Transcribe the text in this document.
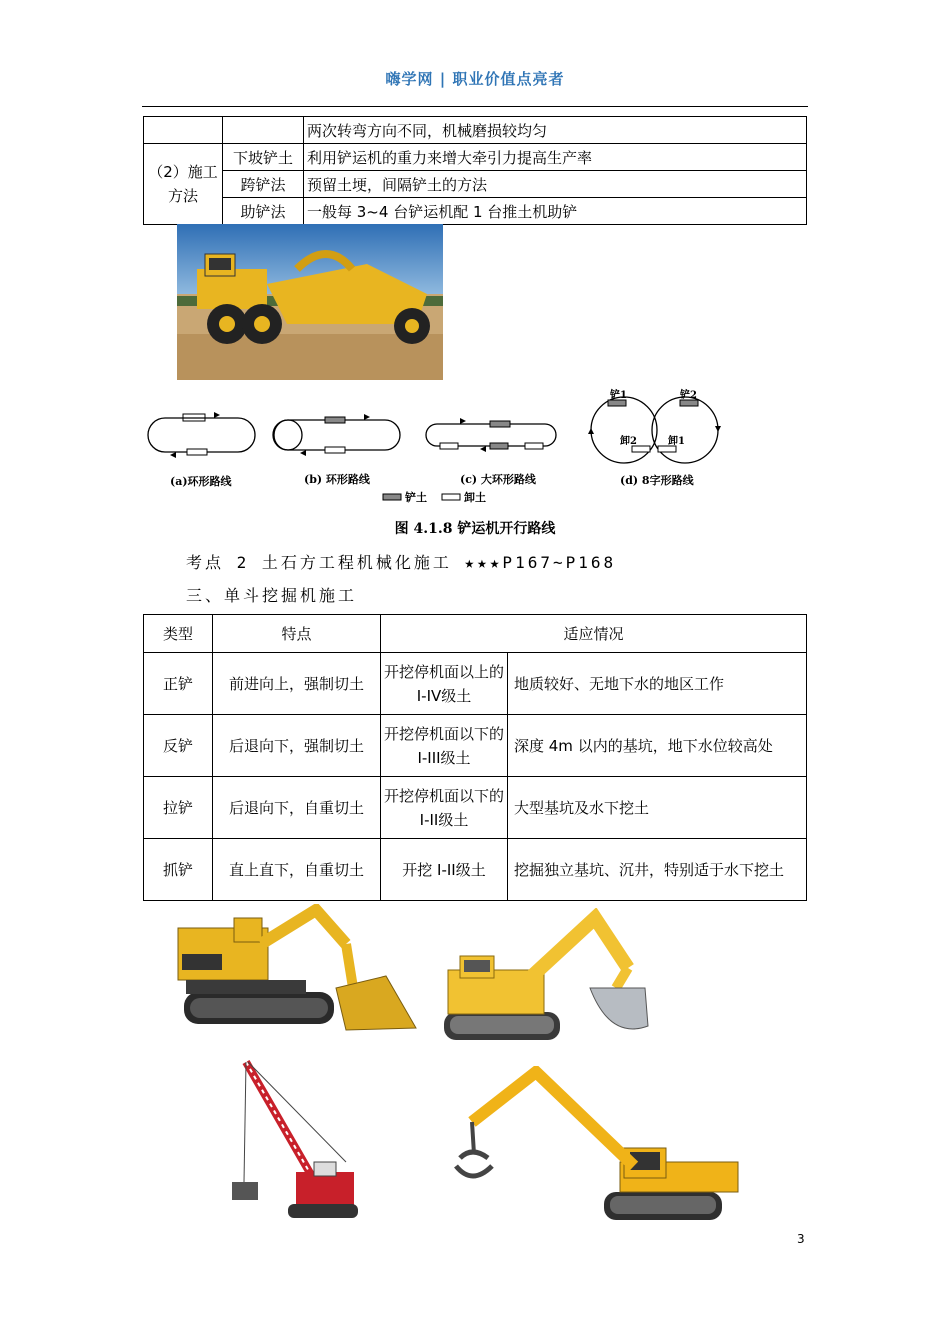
嗨学网 | 职业价值点亮者
		两次转弯方向不同，机械磨损较均匀
（2）施工方法	下坡铲土	利用铲运机的重力来增大牵引力提高生产率
	跨铲法	预留土埂，间隔铲土的方法
	助铲法	一般每 3~4 台铲运机配 1 台推土机助铲
(a)环形路线	(b) 环形路线	(c) 大环形路线	(d) 8字形路线
铲土	卸土
铲1	铲2
卸2	卸1
图 4.1.8 铲运机开行路线
考点 2 土石方工程机械化施工 ★★★P167~P168
三、单斗挖掘机施工
类型	特点	适应情况	
正铲	前进向上，强制切土	开挖停机面以上的 I-IV级土	地质较好、无地下水的地区工作
反铲	后退向下，强制切土	开挖停机面以下的 I-III级土	深度 4m 以内的基坑，地下水位较高处
拉铲	后退向下，自重切土	开挖停机面以下的 I-II级土	大型基坑及水下挖土
抓铲	直上直下，自重切土	开挖 I-II级土	挖掘独立基坑、沉井，特别适于水下挖土
3
